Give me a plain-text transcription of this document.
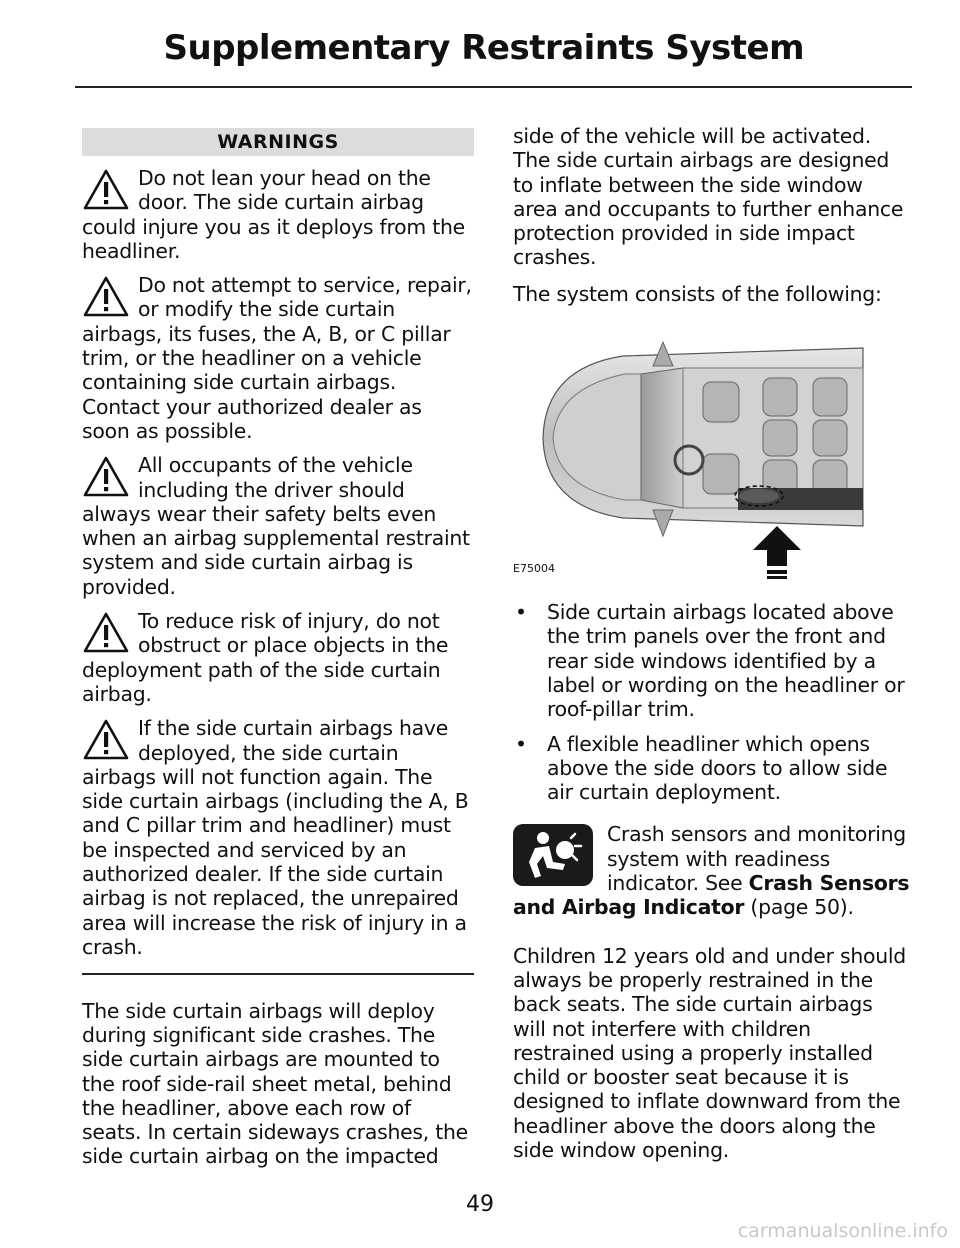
Supplementary Restraints System
WARNINGS

Do not lean your head on the door. The side curtain airbag could injure you as it deploys from the headliner.

Do not attempt to service, repair, or modify the side curtain airbags, its fuses, the A, B, or C pillar trim, or the headliner on a vehicle containing side curtain airbags. Contact your authorized dealer as soon as possible.

All occupants of the vehicle including the driver should always wear their safety belts even when an airbag supplemental restraint system and side curtain airbag is provided.

To reduce risk of injury, do not obstruct or place objects in the deployment path of the side curtain airbag.

If the side curtain airbags have deployed, the side curtain airbags will not function again. The side curtain airbags (including the A, B and C pillar trim and headliner) must be inspected and serviced by an authorized dealer. If the side curtain airbag is not replaced, the unrepaired area will increase the risk of injury in a crash.

The side curtain airbags will deploy during significant side crashes. The side curtain airbags are mounted to the roof side-rail sheet metal, behind the headliner, above each row of seats. In certain sideways crashes, the side curtain airbag on the impacted

side of the vehicle will be activated. The side curtain airbags are designed to inflate between the side window area and occupants to further enhance protection provided in side impact crashes.

The system consists of the following:

E75004
• Side curtain airbags located above the trim panels over the front and rear side windows identified by a label or wording on the headliner or roof-pillar trim.
• A flexible headliner which opens above the side doors to allow side air curtain deployment.
Crash sensors and monitoring system with readiness indicator. See Crash Sensors and Airbag Indicator (page 50).

Children 12 years old and under should always be properly restrained in the back seats. The side curtain airbags will not interfere with children restrained using a properly installed child or booster seat because it is designed to inflate downward from the headliner above the doors along the side window opening.

49
carmanualsonline.info
